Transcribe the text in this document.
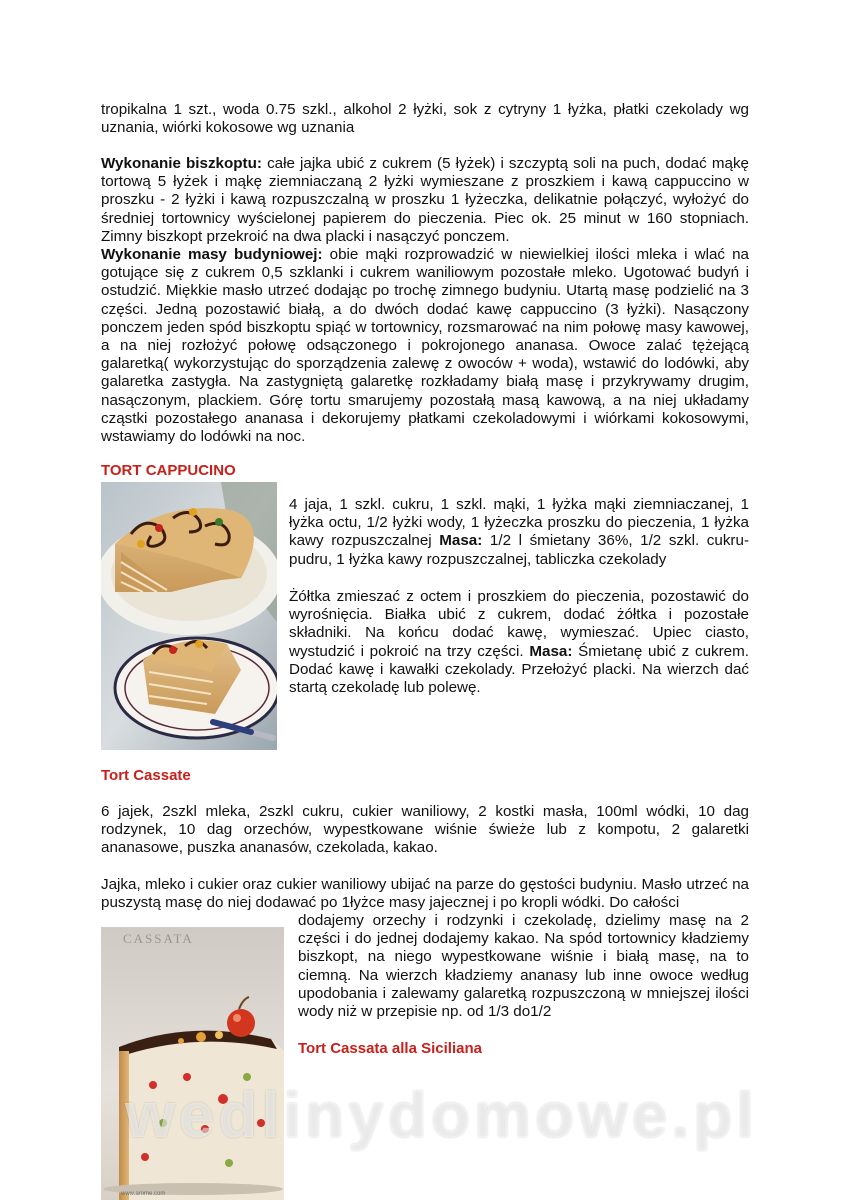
tropikalna 1 szt., woda 0.75 szkl., alkohol 2 łyżki, sok z cytryny 1 łyżka, płatki czekolady wg uznania, wiórki kokosowe wg uznania

Wykonanie biszkoptu: całe jajka ubić z cukrem (5 łyżek) i szczyptą soli na puch, dodać mąkę tortową 5 łyżek i mąkę ziemniaczaną 2 łyżki wymieszane z proszkiem i kawą cappuccino w proszku - 2 łyżki i kawą rozpuszczalną w proszku 1 łyżeczka, delikatnie połączyć, wyłożyć do średniej tortownicy wyścielonej papierem do pieczenia. Piec ok. 25 minut w 160 stopniach. Zimny biszkopt przekroić na dwa placki i nasączyć ponczem.
Wykonanie masy budyniowej: obie mąki rozprowadzić w niewielkiej ilości mleka i wlać na gotujące się z cukrem 0,5 szklanki i cukrem waniliowym pozostałe mleko. Ugotować budyń i ostudzić. Miękkie masło utrzeć dodając po trochę zimnego budyniu. Utartą masę podzielić na 3 części. Jedną pozostawić białą, a do dwóch dodać kawę cappuccino (3 łyżki). Nasączony ponczem jeden spód biszkoptu spiąć w tortownicy, rozsmarować na nim połowę masy kawowej, a na niej rozłożyć połowę odsączonego i pokrojonego ananasa. Owoce zalać tężejącą galaretką( wykorzystując do sporządzenia zalewę z owoców + woda), wstawić do lodówki, aby galaretka zastygła. Na zastygniętą galaretkę rozkładamy białą masę i przykrywamy drugim, nasączonym, plackiem. Górę tortu smarujemy pozostałą masą kawową, a na niej układamy cząstki pozostałego ananasa i dekorujemy płatkami czekoladowymi i wiórkami kokosowymi, wstawiamy do lodówki na noc.

TORT CAPPUCINO

4 jaja, 1 szkl. cukru, 1 szkl. mąki, 1 łyżka mąki ziemniaczanej, 1 łyżka octu, 1/2 łyżki wody, 1 łyżeczka proszku do pieczenia, 1 łyżka kawy rozpuszczalnej Masa: 1/2 l śmietany 36%, 1/2 szkl. cukru-pudru, 1 łyżka kawy rozpuszczalnej, tabliczka czekolady

Żółtka zmieszać z octem i proszkiem do pieczenia, pozostawić do wyrośnięcia. Białka ubić z cukrem, dodać żółtka i pozostałe składniki. Na końcu dodać kawę, wymieszać. Upiec ciasto, wystudzić i pokroić na trzy części. Masa: Śmietanę ubić z cukrem. Dodać kawę i kawałki czekolady. Przełożyć placki. Na wierzch dać startą czekoladę lub polewę.

Tort Cassate

6 jajek, 2szkl mleka, 2szkl cukru, cukier waniliowy, 2 kostki masła, 100ml wódki, 10 dag rodzynek, 10 dag orzechów, wypestkowane wiśnie świeże lub z kompotu, 2 galaretki ananasowe, puszka ananasów, czekolada, kakao.

Jajka, mleko i cukier oraz cukier waniliowy ubijać na parze do gęstości budyniu. Masło utrzeć na puszystą masę do niej dodawać po 1łyżce masy jajecznej i po kropli wódki. Do całości

dodajemy orzechy i rodzynki i czekoladę, dzielimy masę na 2 części i do jednej dodajemy kakao. Na spód tortownicy kładziemy biszkopt, na niego wypestkowane wiśnie i białą masę, na to ciemną. Na wierzch kładziemy ananasy lub inne owoce według upodobania i zalewamy galaretką rozpuszczoną w mniejszej ilości wody niż w przepisie np. od 1/3 do1/2

Tort Cassata alla Siciliana
CASSATA
www.arome.com

wedlinydomowe.pl
